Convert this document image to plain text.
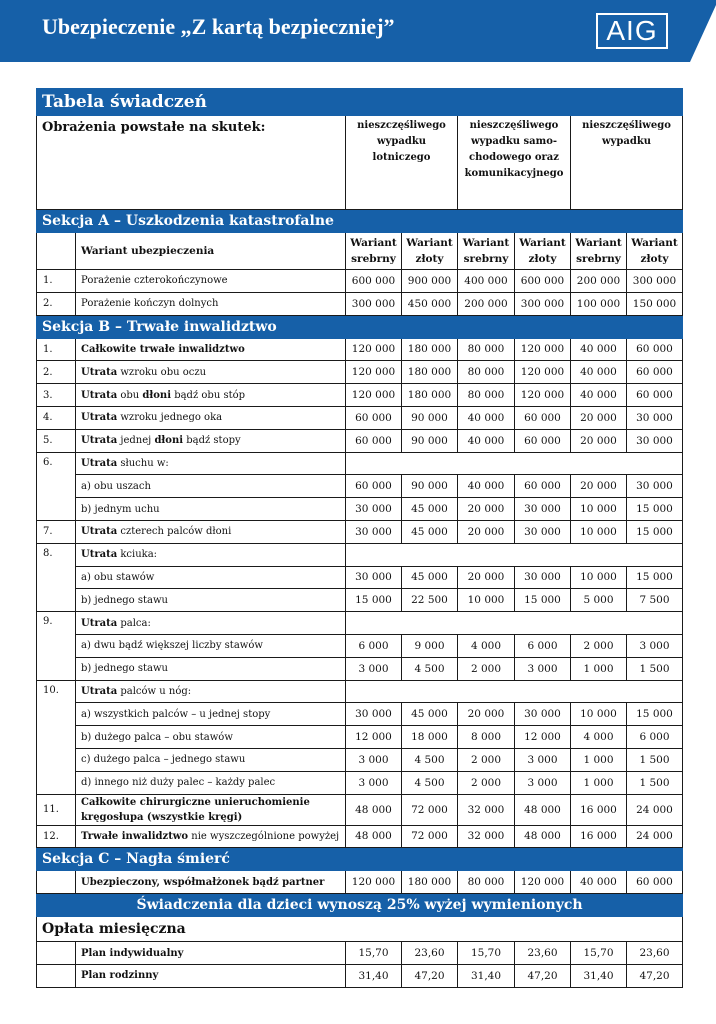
Ubezpieczenie „Z kartą bezpieczniej”	AIG
Tabela świadczeń							
Obrażenia powstałe na skutek:		nieszczęśliwego wypadku lotniczego		nieszczęśliwego wypadku samo-chodowego oraz komunikacyjnego		nieszczęśliwego wypadku	
Sekcja A – Uszkodzenia katastrofalne							
	Wariant ubezpieczenia	Wariant srebrny	Wariant złoty	Wariant srebrny	Wariant złoty	Wariant srebrny	Wariant złoty
1.	Porażenie czterokończynowe	600 000	900 000	400 000	600 000	200 000	300 000
2.	Porażenie kończyn dolnych	300 000	450 000	200 000	300 000	100 000	150 000
Sekcja B – Trwałe inwalidztwo							
1.	Całkowite trwałe inwalidztwo	120 000	180 000	80 000	120 000	40 000	60 000
2.	Utrata wzroku obu oczu	120 000	180 000	80 000	120 000	40 000	60 000
3.	Utrata obu dłoni bądź obu stóp	120 000	180 000	80 000	120 000	40 000	60 000
4.	Utrata wzroku jednego oka	60 000	90 000	40 000	60 000	20 000	30 000
5.	Utrata jednej dłoni bądź stopy	60 000	90 000	40 000	60 000	20 000	30 000
6.	Utrata słuchu w:						
	a) obu uszach	60 000	90 000	40 000	60 000	20 000	30 000
	b) jednym uchu	30 000	45 000	20 000	30 000	10 000	15 000
7.	Utrata czterech palców dłoni	30 000	45 000	20 000	30 000	10 000	15 000
8.	Utrata kciuka:						
	a) obu stawów	30 000	45 000	20 000	30 000	10 000	15 000
	b) jednego stawu	15 000	22 500	10 000	15 000	5 000	7 500
9.	Utrata palca:						
	a) dwu bądź większej liczby stawów	6 000	9 000	4 000	6 000	2 000	3 000
	b) jednego stawu	3 000	4 500	2 000	3 000	1 000	1 500
10.	Utrata palców u nóg:						
	a) wszystkich palców – u jednej stopy	30 000	45 000	20 000	30 000	10 000	15 000
	b) dużego palca – obu stawów	12 000	18 000	8 000	12 000	4 000	6 000
	c) dużego palca – jednego stawu	3 000	4 500	2 000	3 000	1 000	1 500
	d) innego niż duży palec – każdy palec	3 000	4 500	2 000	3 000	1 000	1 500
11.	Całkowite chirurgiczne unieruchomienie kręgosłupa (wszystkie kręgi)	48 000	72 000	32 000	48 000	16 000	24 000
12.	Trwałe inwalidztwo nie wyszczególnione powyżej	48 000	72 000	32 000	48 000	16 000	24 000
Sekcja C – Nagła śmierć							
	Ubezpieczony, współmałżonek bądź partner	120 000	180 000	80 000	120 000	40 000	60 000
Świadczenia dla dzieci wynoszą 25% wyżej wymienionych							
Opłata miesięczna							
	Plan indywidualny	15,70	23,60	15,70	23,60	15,70	23,60
	Plan rodzinny	31,40	47,20	31,40	47,20	31,40	47,20
